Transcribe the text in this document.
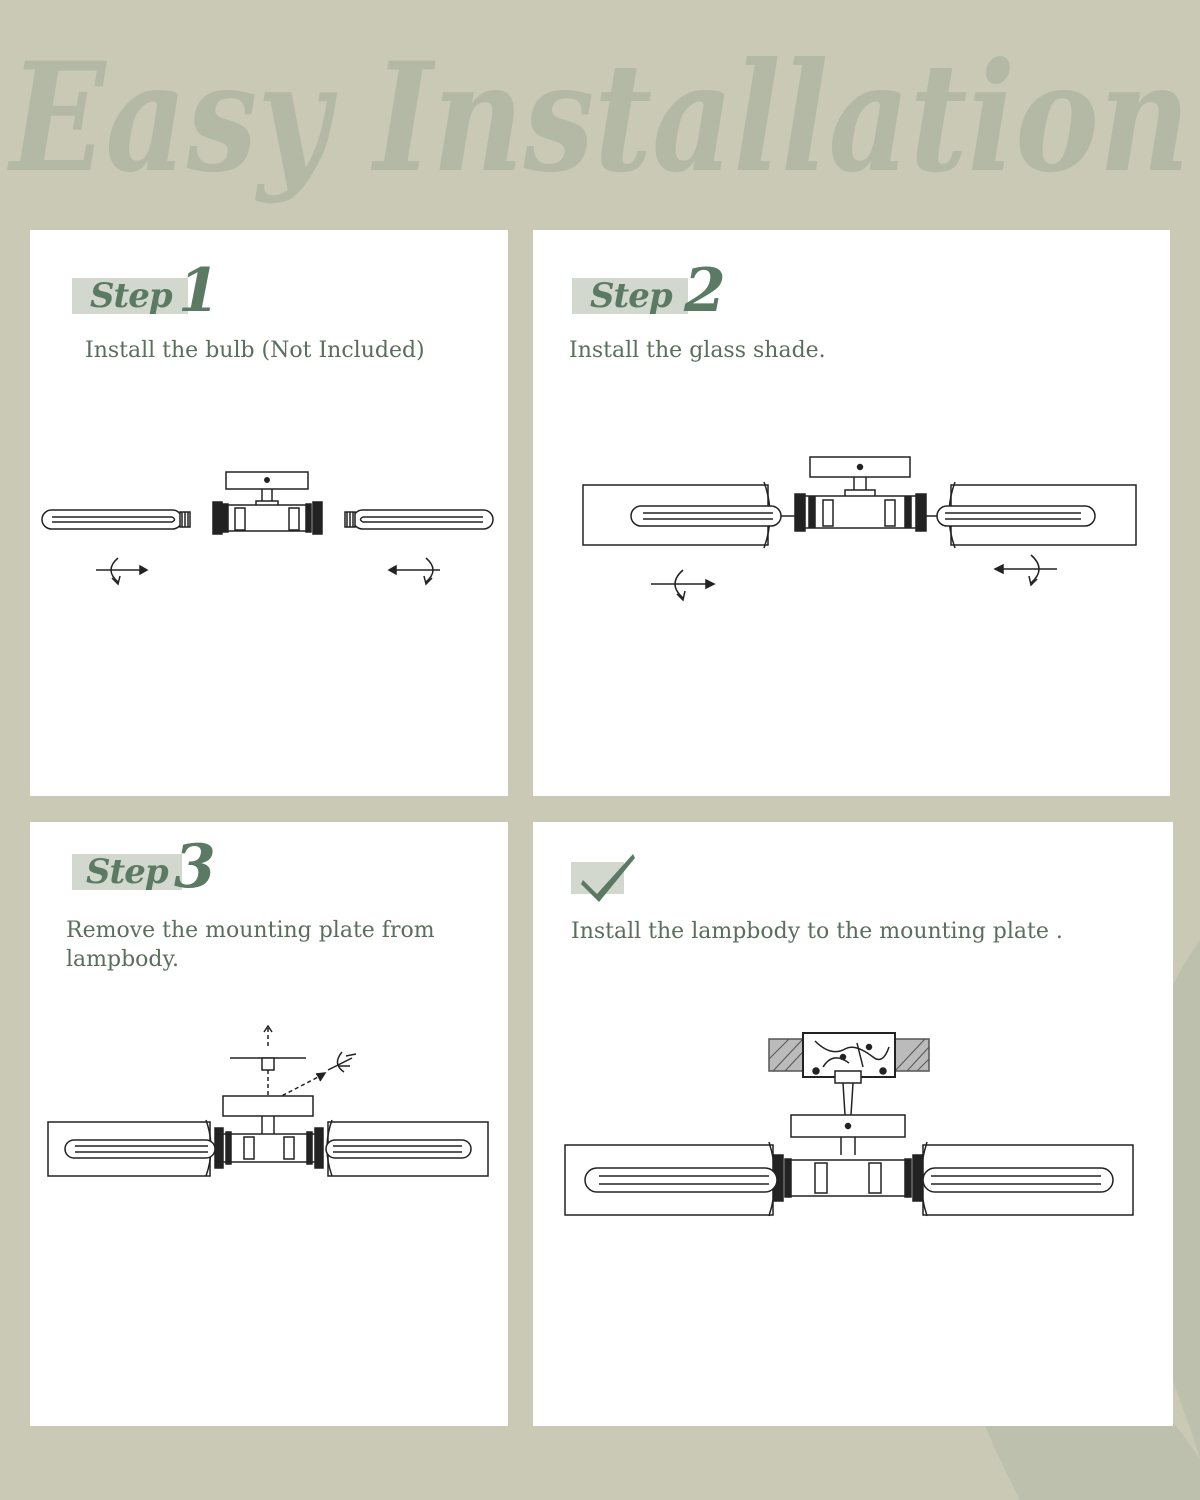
Easy Installation
Step 1
Install the bulb (Not Included)
Step 2
Install the glass shade.
Step 3
Remove the mounting plate from
lampbody.
Install the lampbody to the mounting plate .
